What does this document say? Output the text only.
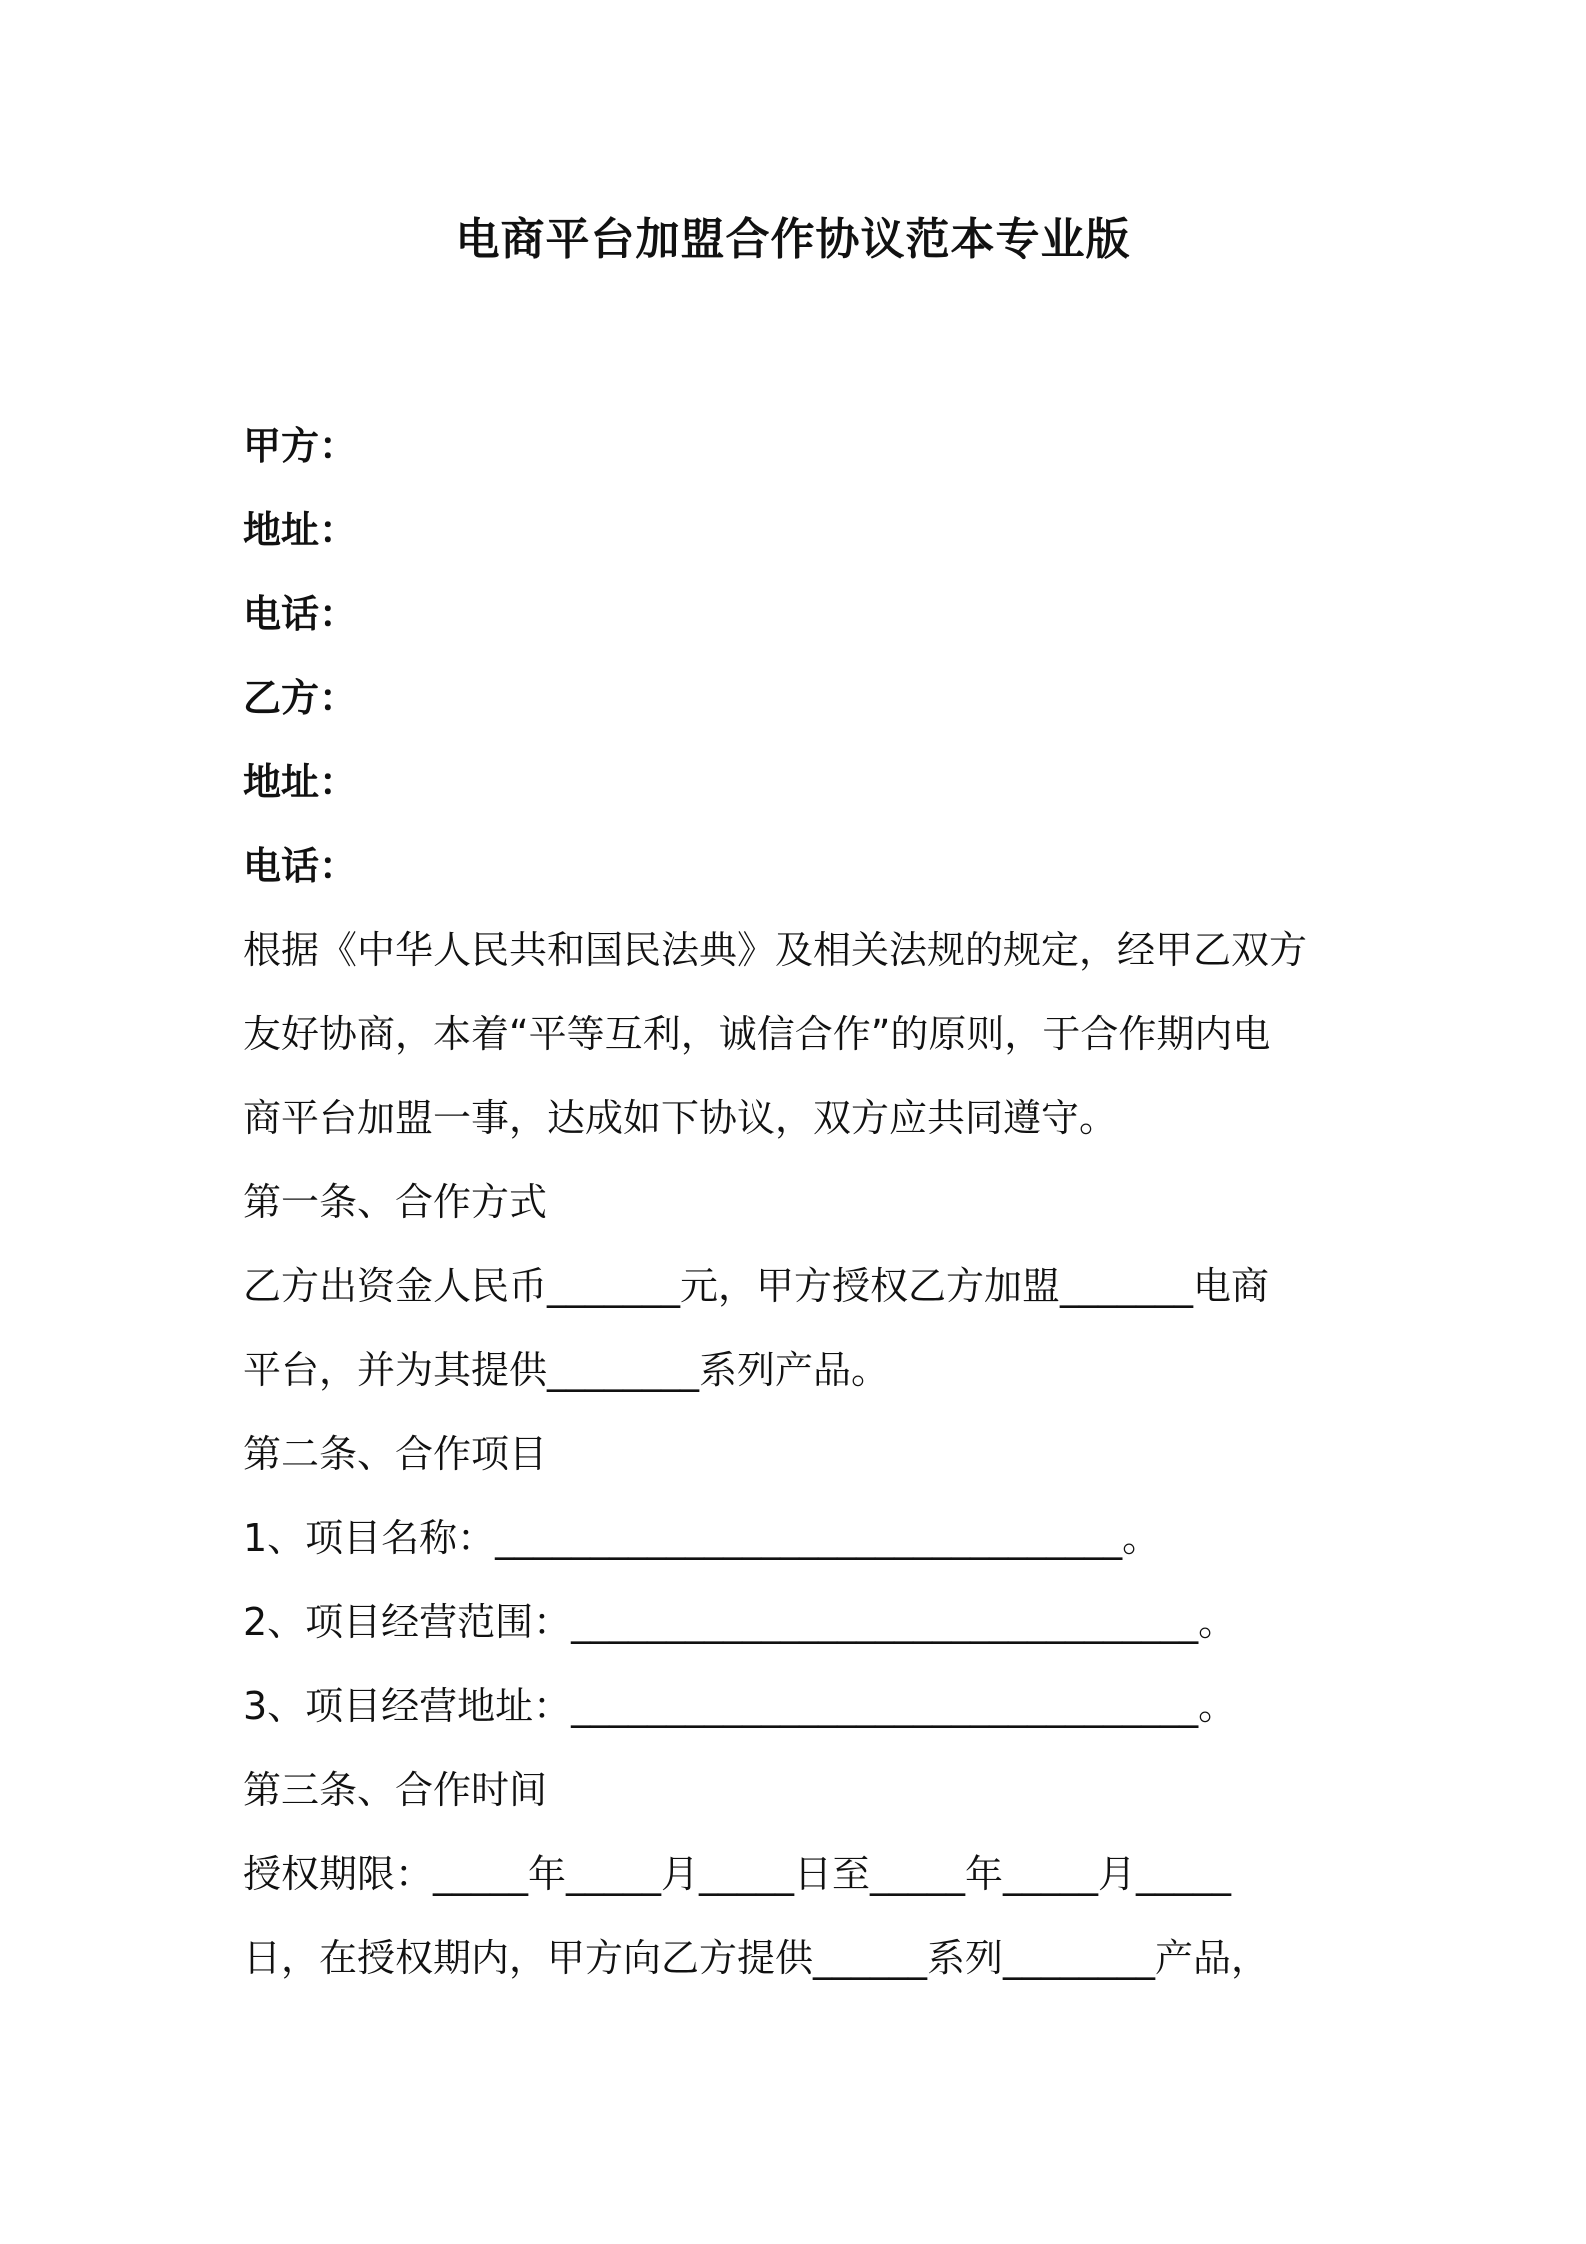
电商平台加盟合作协议范本专业版
甲方：
地址：
电话：
乙方：
地址：
电话：
根据《中华人民共和国民法典》及相关法规的规定，经甲乙双方
友好协商，本着“平等互利，诚信合作”的原则，于合作期内电
商平台加盟一事，达成如下协议，双方应共同遵守。
第一条、合作方式
乙方出资金人民币_______元，甲方授权乙方加盟_______电商
平台，并为其提供________系列产品。
第二条、合作项目
1、项目名称：_________________________________。
2、项目经营范围：_________________________________。
3、项目经营地址：_________________________________。
第三条、合作时间
授权期限：_____年_____月_____日至_____年_____月_____
日，在授权期内，甲方向乙方提供______系列________产品，
